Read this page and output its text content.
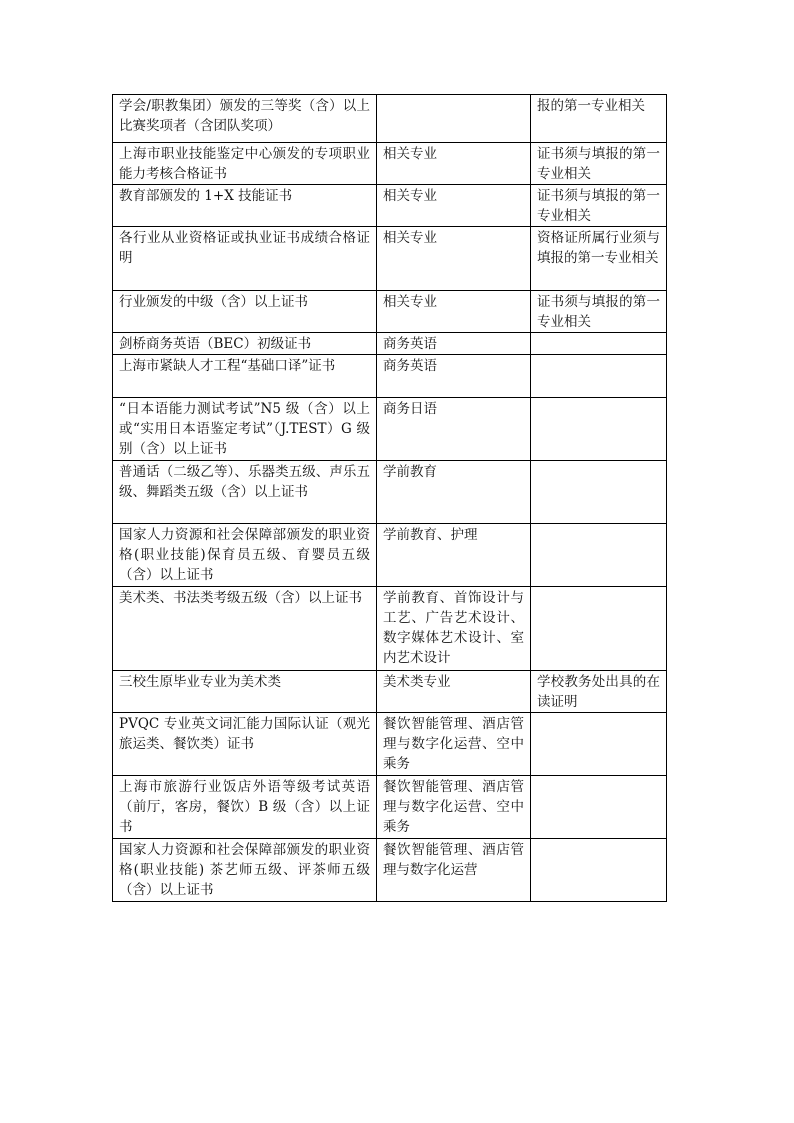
学会/职教集团）颁发的三等奖（含）以上比赛奖项者（含团队奖项）		报的第一专业相关
上海市职业技能鉴定中心颁发的专项职业能力考核合格证书	相关专业	证书须与填报的第一专业相关
教育部颁发的 1+X 技能证书	相关专业	证书须与填报的第一专业相关
各行业从业资格证或执业证书成绩合格证明	相关专业	资格证所属行业须与填报的第一专业相关
行业颁发的中级（含）以上证书	相关专业	证书须与填报的第一专业相关
剑桥商务英语（BEC）初级证书	商务英语	
上海市紧缺人才工程“基础口译”证书	商务英语	
“日本语能力测试考试”N5 级（含）以上或“实用日本语鉴定考试”（J.TEST）G 级别（含）以上证书	商务日语	
普通话（二级乙等）、乐器类五级、声乐五级、舞蹈类五级（含）以上证书	学前教育	
国家人力资源和社会保障部颁发的职业资格(职业技能)保育员五级、育婴员五级（含）以上证书	学前教育、护理	
美术类、书法类考级五级（含）以上证书	学前教育、首饰设计与工艺、广告艺术设计、数字媒体艺术设计、室内艺术设计	
三校生原毕业专业为美术类	美术类专业	学校教务处出具的在读证明
PVQC 专业英文词汇能力国际认证（观光旅运类、餐饮类）证书	餐饮智能管理、酒店管理与数字化运营、空中乘务	
上海市旅游行业饭店外语等级考试英语（前厅，客房，餐饮）B 级（含）以上证书	餐饮智能管理、酒店管理与数字化运营、空中乘务	
国家人力资源和社会保障部颁发的职业资格(职业技能) 茶艺师五级、评茶师五级（含）以上证书	餐饮智能管理、酒店管理与数字化运营	
